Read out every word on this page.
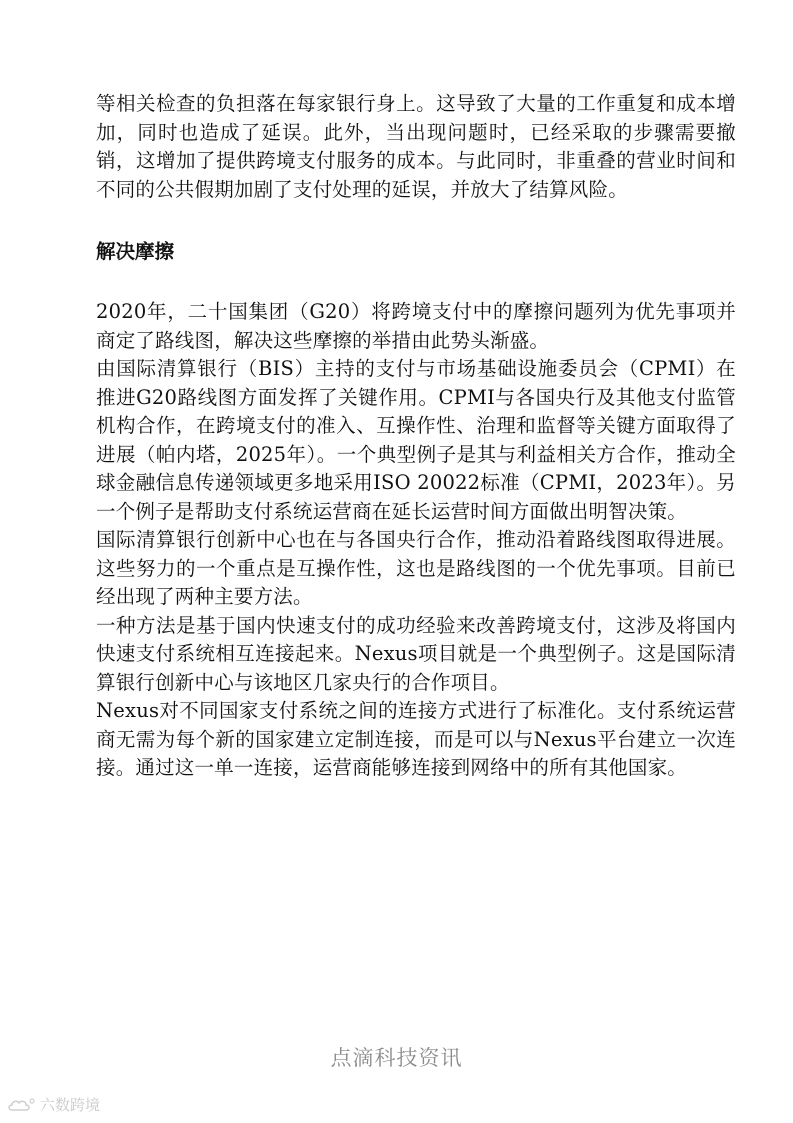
等相关检查的负担落在每家银行身上。这导致了大量的工作重复和成本增加，同时也造成了延误。此外，当出现问题时，已经采取的步骤需要撤销，这增加了提供跨境支付服务的成本。与此同时，非重叠的营业时间和不同的公共假期加剧了支付处理的延误，并放大了结算风险。

解决摩擦

2020年，二十国集团（G20）将跨境支付中的摩擦问题列为优先事项并商定了路线图，解决这些摩擦的举措由此势头渐盛。

由国际清算银行（BIS）主持的支付与市场基础设施委员会（CPMI）在推进G20路线图方面发挥了关键作用。CPMI与各国央行及其他支付监管机构合作，在跨境支付的准入、互操作性、治理和监督等关键方面取得了进展（帕内塔，2025年）。一个典型例子是其与利益相关方合作，推动全球金融信息传递领域更多地采用ISO 20022标准（CPMI，2023年）。另一个例子是帮助支付系统运营商在延长运营时间方面做出明智决策。

国际清算银行创新中心也在与各国央行合作，推动沿着路线图取得进展。这些努力的一个重点是互操作性，这也是路线图的一个优先事项。目前已经出现了两种主要方法。

一种方法是基于国内快速支付的成功经验来改善跨境支付，这涉及将国内快速支付系统相互连接起来。Nexus项目就是一个典型例子。这是国际清算银行创新中心与该地区几家央行的合作项目。

Nexus对不同国家支付系统之间的连接方式进行了标准化。支付系统运营商无需为每个新的国家建立定制连接，而是可以与Nexus平台建立一次连接。通过这一单一连接，运营商能够连接到网络中的所有其他国家。

点滴科技资讯
六数跨境
